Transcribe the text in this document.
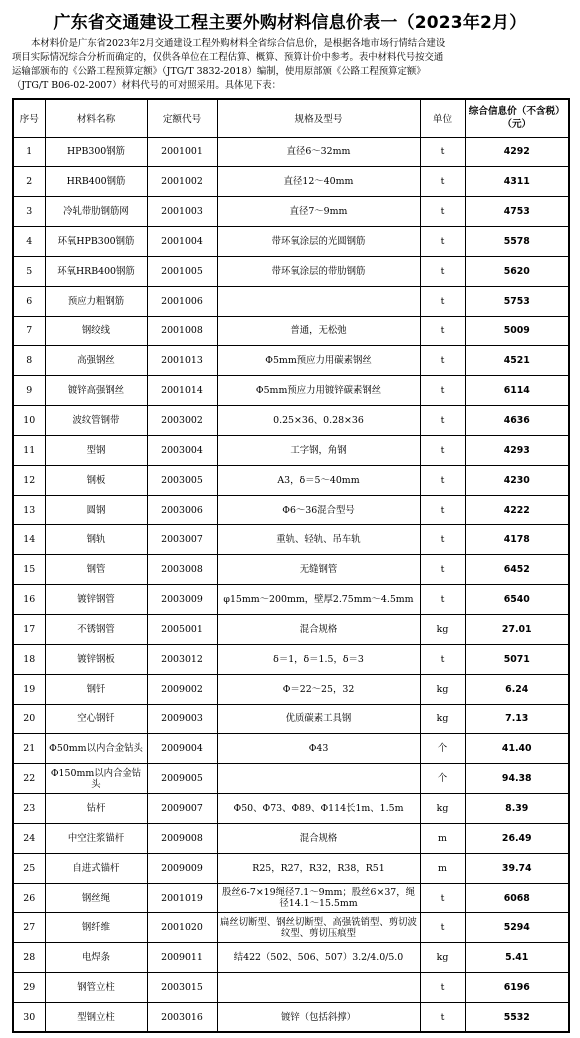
广东省交通建设工程主要外购材料信息价表一（2023年2月）
本材料价是广东省2023年2月交通建设工程外购材料全省综合信息价，是根据各地市场行情结合建设
项目实际情况综合分析而确定的，仅供各单位在工程估算、概算、预算计价中参考。表中材料代号按交通
运输部颁布的《公路工程预算定额》（JTG/T 3832-2018）编制，使用原部颁《公路工程预算定额》
（JTG/T B06-02-2007）材料代号的可对照采用。具体见下表：
序号	材料名称	定额代号	规格及型号	单位	综合信息价（不含税）（元）
1	HPB300钢筋	2001001	直径6～32mm	t	4292
2	HRB400钢筋	2001002	直径12～40mm	t	4311
3	冷轧带肋钢筋网	2001003	直径7～9mm	t	4753
4	环氧HPB300钢筋	2001004	带环氧涂层的光圆钢筋	t	5578
5	环氧HRB400钢筋	2001005	带环氧涂层的带肋钢筋	t	5620
6	预应力粗钢筋	2001006		t	5753
7	钢绞线	2001008	普通，无松弛	t	5009
8	高强钢丝	2001013	Φ5mm预应力用碳素钢丝	t	4521
9	镀锌高强钢丝	2001014	Φ5mm预应力用镀锌碳素钢丝	t	6114
10	波纹管钢带	2003002	0.25×36、0.28×36	t	4636
11	型钢	2003004	工字钢，角钢	t	4293
12	钢板	2003005	A3，δ＝5～40mm	t	4230
13	圆钢	2003006	Φ6～36混合型号	t	4222
14	钢轨	2003007	重轨、轻轨、吊车轨	t	4178
15	钢管	2003008	无缝钢管	t	6452
16	镀锌钢管	2003009	φ15mm～200mm，壁厚2.75mm～4.5mm	t	6540
17	不锈钢管	2005001	混合规格	kg	27.01
18	镀锌钢板	2003012	δ＝1，δ＝1.5，δ＝3	t	5071
19	钢钎	2009002	Φ＝22～25，32	kg	6.24
20	空心钢钎	2009003	优质碳素工具钢	kg	7.13
21	Φ50mm以内合金钻头	2009004	Φ43	个	41.40
22	Φ150mm以内合金钻头	2009005		个	94.38
23	钻杆	2009007	Φ50、Φ73、Φ89、Φ114长1m、1.5m	kg	8.39
24	中空注浆锚杆	2009008	混合规格	m	26.49
25	自进式锚杆	2009009	R25，R27，R32，R38，R51	m	39.74
26	钢丝绳	2001019	股丝6-7×19绳径7.1～9mm；股丝6×37，绳径14.1～15.5mm	t	6068
27	钢纤维	2001020	扁丝切断型、钢丝切断型、高强铣销型、剪切波纹型、剪切压痕型	t	5294
28	电焊条	2009011	结422（502、506、507）3.2/4.0/5.0	kg	5.41
29	钢管立柱	2003015		t	6196
30	型钢立柱	2003016	镀锌（包括斜撑）	t	5532
